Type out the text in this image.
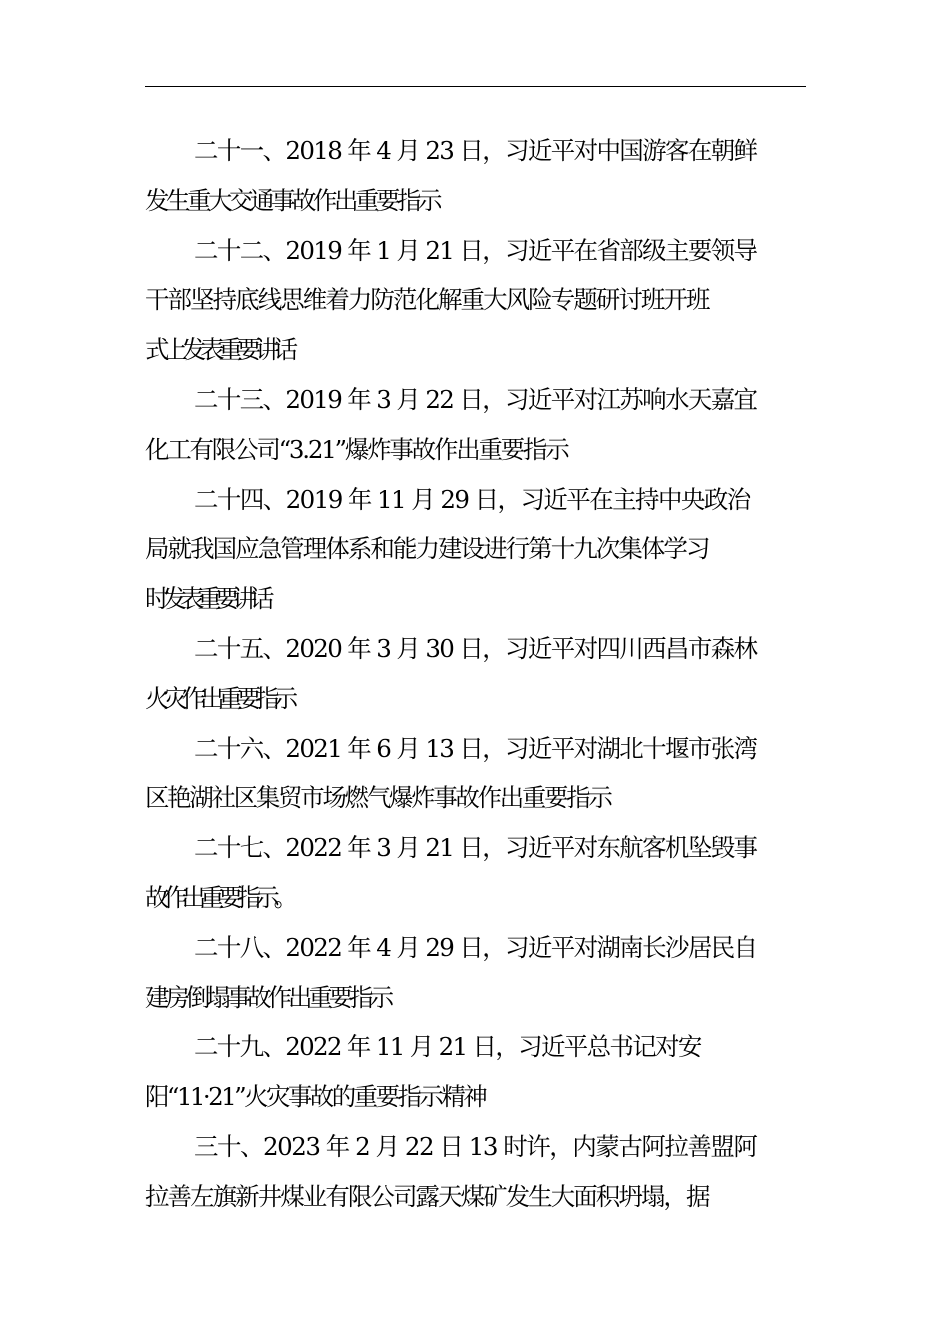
二十一、2018 年 4 月 23 日，习近平对中国游客在朝鲜
发生重大交通事故作出重要指示

二十二、2019 年 1 月 21 日，习近平在省部级主要领导
干部坚持底线思维着力防范化解重大风险专题研讨班开班
式上发表重要讲话

二十三、2019 年 3 月 22 日，习近平对江苏响水天嘉宜
化工有限公司“3.21”爆炸事故作出重要指示

二十四、2019 年 11 月 29 日，习近平在主持中央政治
局就我国应急管理体系和能力建设进行第十九次集体学习
时发表重要讲话

二十五、2020 年 3 月 30 日，习近平对四川西昌市森林
火灾作出重要指示

二十六、2021 年 6 月 13 日，习近平对湖北十堰市张湾
区艳湖社区集贸市场燃气爆炸事故作出重要指示

二十七、2022 年 3 月 21 日，习近平对东航客机坠毁事
故作出重要指示。

二十八、2022 年 4 月 29 日，习近平对湖南长沙居民自
建房倒塌事故作出重要指示

二十九、2022 年 11 月 21 日，习近平总书记对安
阳“11·21”火灾事故的重要指示精神

三十、2023 年 2 月 22 日 13 时许，内蒙古阿拉善盟阿
拉善左旗新井煤业有限公司露天煤矿发生大面积坍塌，据
